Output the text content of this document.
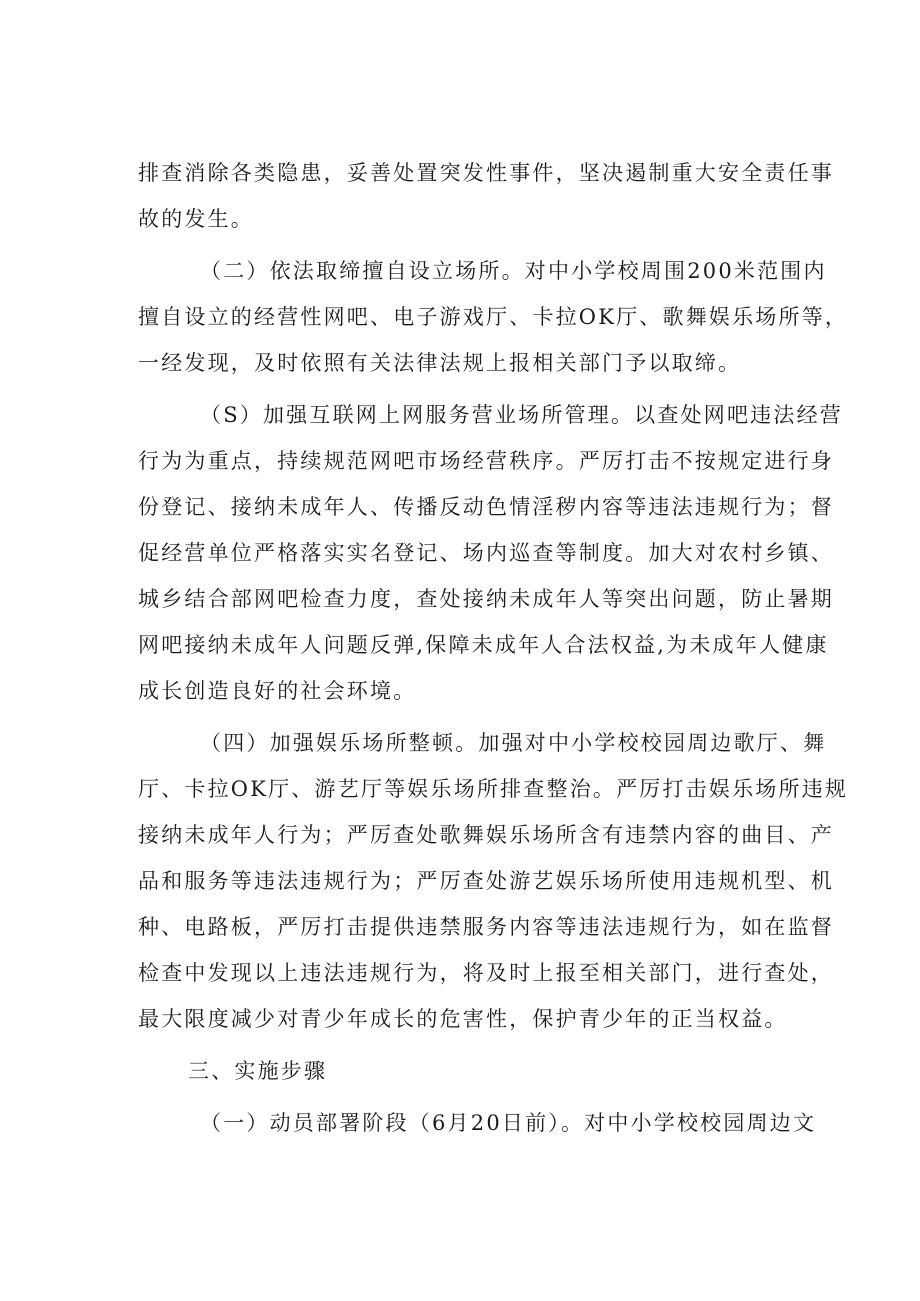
排查消除各类隐患，妥善处置突发性事件，坚决遏制重大安全责任事
故的发生。
（二）依法取缔擅自设立场所。对中小学校周围200米范围内
擅自设立的经营性网吧、电子游戏厅、卡拉OK厅、歌舞娱乐场所等，
一经发现，及时依照有关法律法规上报相关部门予以取缔。
（S）加强互联网上网服务营业场所管理。以查处网吧违法经营
行为为重点，持续规范网吧市场经营秩序。严厉打击不按规定进行身
份登记、接纳未成年人、传播反动色情淫秽内容等违法违规行为；督
促经营单位严格落实实名登记、场内巡查等制度。加大对农村乡镇、
城乡结合部网吧检查力度，查处接纳未成年人等突出问题，防止暑期
网吧接纳未成年人问题反弹,保障未成年人合法权益,为未成年人健康
成长创造良好的社会环境。
（四）加强娱乐场所整顿。加强对中小学校校园周边歌厅、舞
厅、卡拉OK厅、游艺厅等娱乐场所排查整治。严厉打击娱乐场所违规
接纳未成年人行为；严厉查处歌舞娱乐场所含有违禁内容的曲目、产
品和服务等违法违规行为；严厉查处游艺娱乐场所使用违规机型、机
种、电路板，严厉打击提供违禁服务内容等违法违规行为，如在监督
检查中发现以上违法违规行为，将及时上报至相关部门，进行查处，
最大限度减少对青少年成长的危害性，保护青少年的正当权益。
三、实施步骤
（一）动员部署阶段（6月20日前）。对中小学校校园周边文
